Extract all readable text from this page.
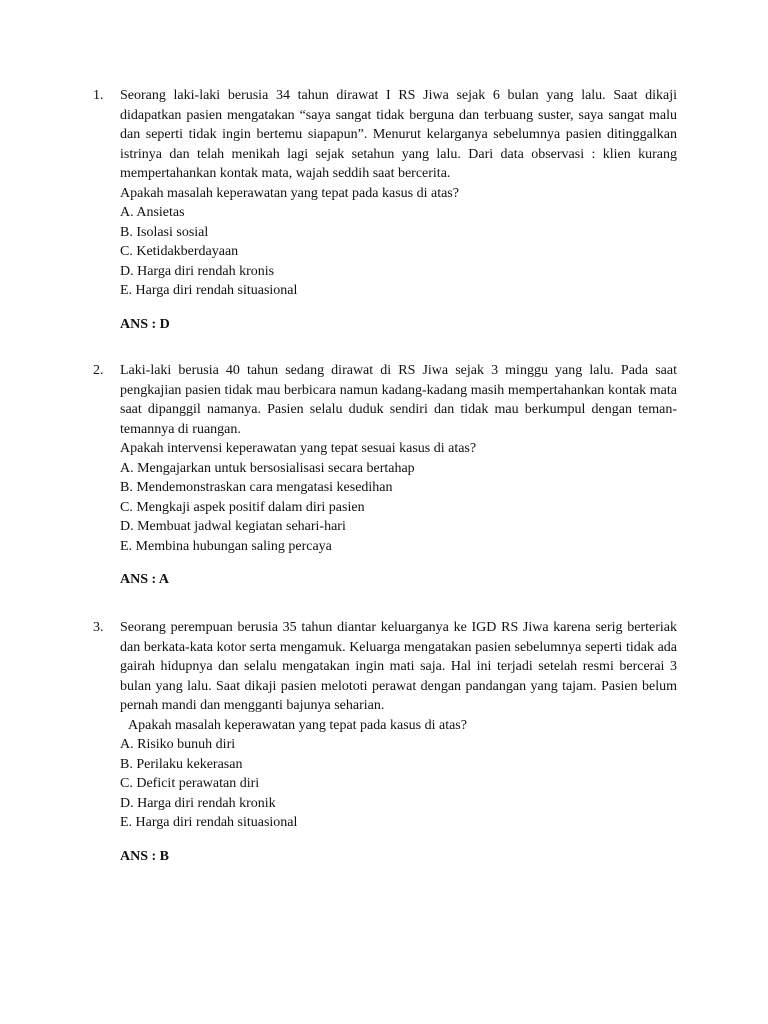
1. Seorang laki-laki berusia 34 tahun dirawat I RS Jiwa sejak 6 bulan yang lalu. Saat dikaji didapatkan pasien mengatakan “saya sangat tidak berguna dan terbuang suster, saya sangat malu dan seperti tidak ingin bertemu siapapun”. Menurut kelarganya sebelumnya pasien ditinggalkan istrinya dan telah menikah lagi sejak setahun yang lalu. Dari data observasi : klien kurang mempertahankan kontak mata, wajah seddih saat bercerita.
Apakah masalah keperawatan yang tepat pada kasus di atas?
A. Ansietas
B. Isolasi sosial
C. Ketidakberdayaan
D. Harga diri rendah kronis
E. Harga diri rendah situasional
ANS : D
2. Laki-laki berusia 40 tahun sedang dirawat di RS Jiwa sejak 3 minggu yang lalu. Pada saat pengkajian pasien tidak mau berbicara namun kadang-kadang masih mempertahankan kontak mata saat dipanggil namanya. Pasien selalu duduk sendiri dan tidak mau berkumpul dengan teman-temannya di ruangan.
Apakah intervensi keperawatan yang tepat sesuai kasus di atas?
A. Mengajarkan untuk bersosialisasi secara bertahap
B. Mendemonstraskan cara mengatasi kesedihan
C. Mengkaji aspek positif dalam diri pasien
D. Membuat jadwal kegiatan sehari-hari
E. Membina hubungan saling percaya
ANS : A
3. Seorang perempuan berusia 35 tahun diantar keluarganya ke IGD RS Jiwa karena serig berteriak dan berkata-kata kotor serta mengamuk. Keluarga mengatakan pasien sebelumnya seperti tidak ada gairah hidupnya dan selalu mengatakan ingin mati saja. Hal ini terjadi setelah resmi bercerai 3 bulan yang lalu. Saat dikaji pasien melototi perawat dengan pandangan yang tajam. Pasien belum pernah mandi dan mengganti bajunya seharian.
Apakah masalah keperawatan yang tepat pada kasus di atas?
A. Risiko bunuh diri
B. Perilaku kekerasan
C. Deficit perawatan diri
D. Harga diri rendah kronik
E. Harga diri rendah situasional
ANS : B
